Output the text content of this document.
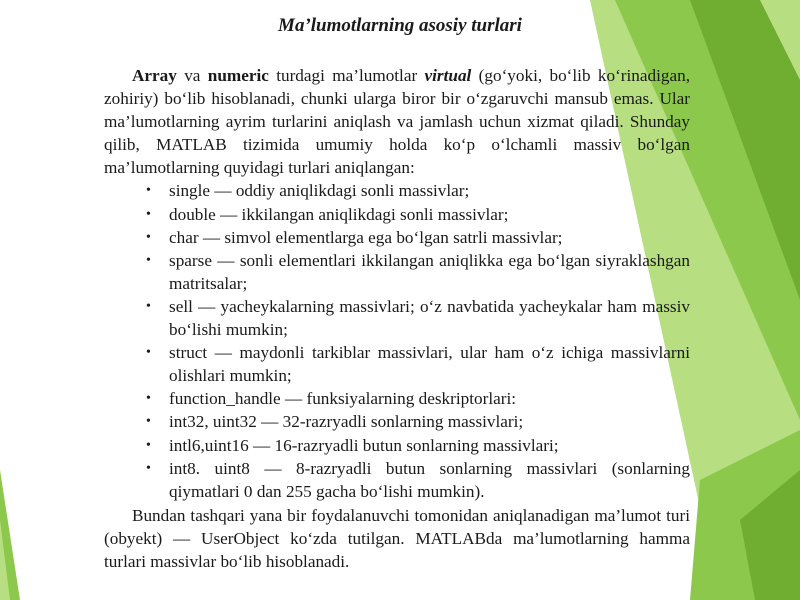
Ma’lumotlarning asosiy turlari

Array va numeric turdagi ma’lumotlar virtual (go‘yoki, bo‘lib ko‘rinadigan, zohiriy) bo‘lib hisoblanadi, chunki ularga biror bir o‘zgaruvchi mansub emas. Ular ma’lumotlarning ayrim turlarini aniqlash va jamlash uchun xizmat qiladi. Shunday qilib, MATLAB tizimida umumiy holda ko‘p o‘lchamli massiv bo‘lgan ma’lumotlarning quyidagi turlari aniqlangan:

• single — oddiy aniqlikdagi sonli massivlar;
• double — ikkilangan aniqlikdagi sonli massivlar;
• char — simvol elementlarga ega bo‘lgan satrli massivlar;
• sparse — sonli elementlari ikkilangan aniqlikka ega bo‘lgan siyraklashgan matritsalar;
• sell — yacheykalarning massivlari; o‘z navbatida yacheykalar ham massiv bo‘lishi mumkin;
• struct — maydonli tarkiblar massivlari, ular ham o‘z ichiga massivlarni olishlari mumkin;
• function_handle — funksiyalarning deskriptorlari:
• int32, uint32 — 32-razryadli sonlarning massivlari;
• intl6,uint16 — 16-razryadli butun sonlarning massivlari;
• int8. uint8 — 8-razryadli butun sonlarning massivlari (sonlarning qiymatlari 0 dan 255 gacha bo‘lishi mumkin).

Bundan tashqari yana bir foydalanuvchi tomonidan aniqlanadigan ma’lumot turi (obyekt) — UserObject ko‘zda tutilgan. MATLABda ma’lumotlarning hamma turlari massivlar bo‘lib hisoblanadi.
